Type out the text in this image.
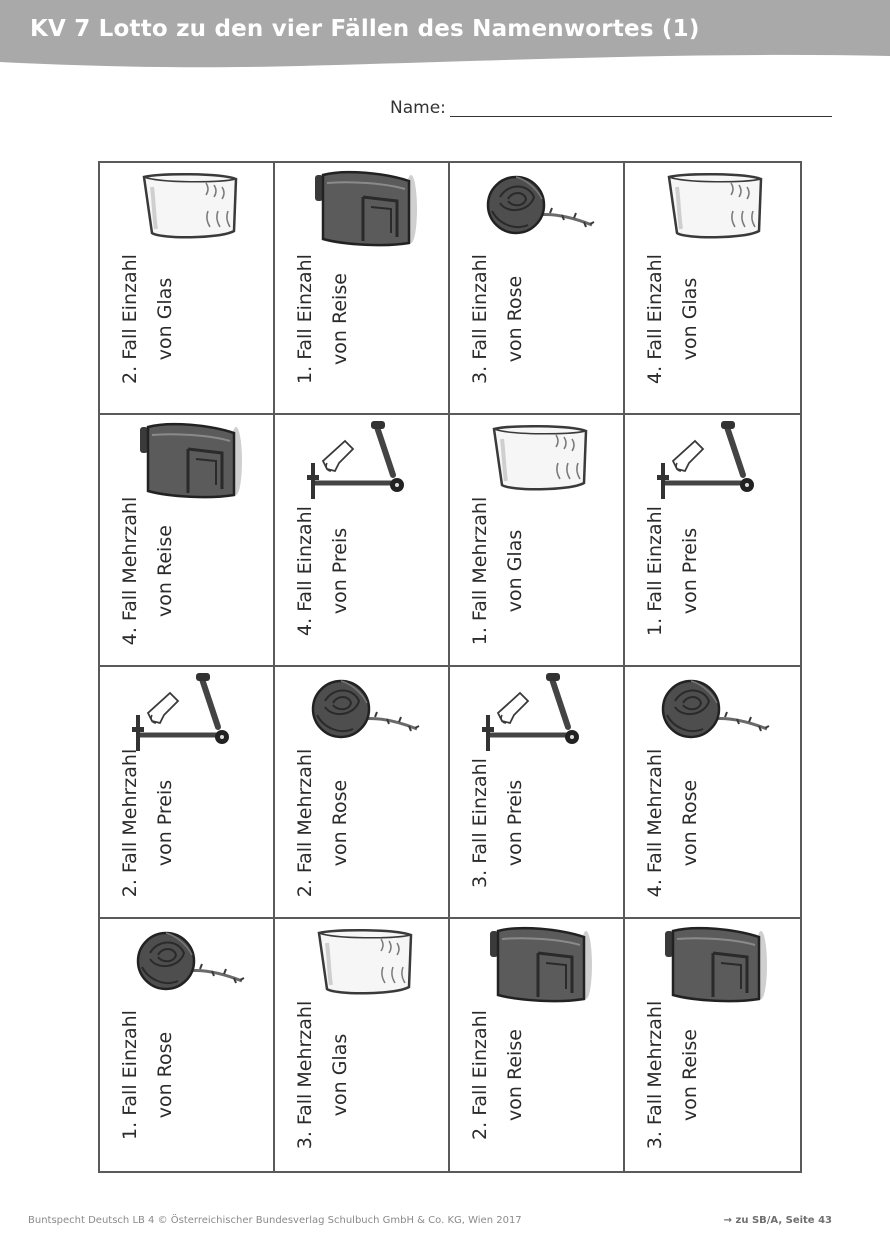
KV 7 Lotto zu den vier Fällen des Namenwortes (1)
Name:
2. Fall Einzahl von Glas	1. Fall Einzahl von Reise	3. Fall Einzahl von Rose	4. Fall Einzahl von Glas
4. Fall Mehrzahl von Reise	4. Fall Einzahl von Preis	1. Fall Mehrzahl von Glas	1. Fall Einzahl von Preis
2. Fall Mehrzahl von Preis	2. Fall Mehrzahl von Rose	3. Fall Einzahl von Preis	4. Fall Mehrzahl von Rose
1. Fall Einzahl von Rose	3. Fall Mehrzahl von Glas	2. Fall Einzahl von Reise	3. Fall Mehrzahl von Reise
Buntspecht Deutsch LB 4 © Österreichischer Bundesverlag Schulbuch GmbH & Co. KG, Wien 2017	→ zu SB/A, Seite 43
